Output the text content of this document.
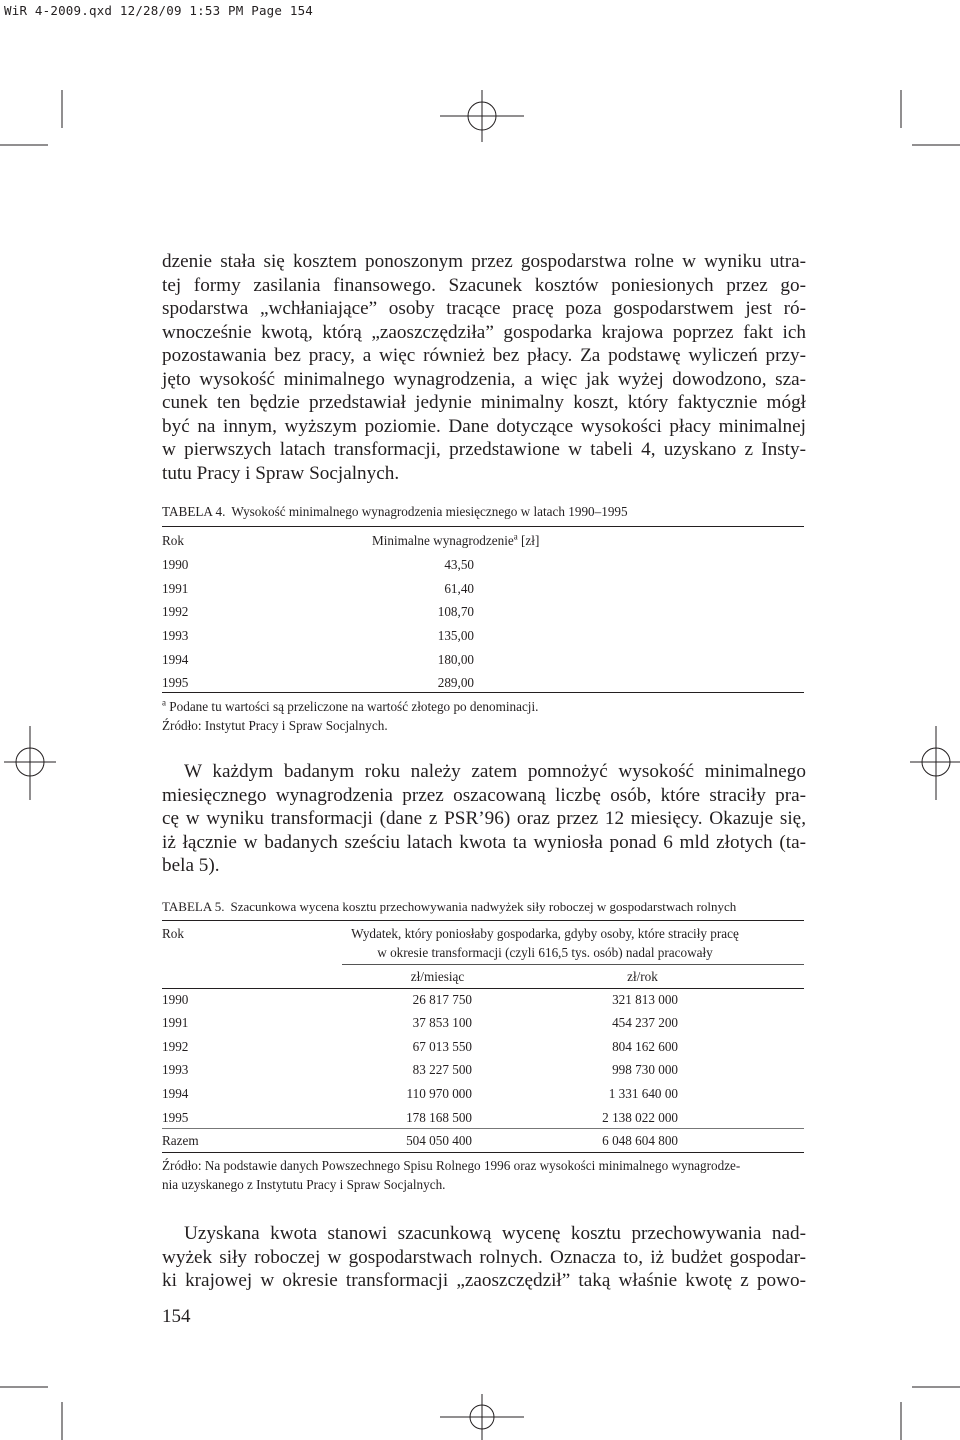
WiR 4-2009.qxd 12/28/09 1:53 PM Page 154
dzenie stała się kosztem ponoszonym przez gospodarstwa rolne w wyniku utra-
tej formy zasilania finansowego. Szacunek kosztów poniesionych przez go-
spodarstwa „wchłaniające” osoby tracące pracę poza gospodarstwem jest ró-
wnocześnie kwotą, którą „zaoszczędziła” gospodarka krajowa poprzez fakt ich
pozostawania bez pracy, a więc również bez płacy. Za podstawę wyliczeń przy-
jęto wysokość minimalnego wynagrodzenia, a więc jak wyżej dowodzono, sza-
cunek ten będzie przedstawiał jedynie minimalny koszt, który faktycznie mógł
być na innym, wyższym poziomie. Dane dotyczące wysokości płacy minimalnej
w pierwszych latach transformacji, przedstawione w tabeli 4, uzyskano z Insty-
tutu Pracy i Spraw Socjalnych.
TABELA 4. Wysokość minimalnego wynagrodzenia miesięcznego w latach 1990–1995
Rok	Minimalne wynagrodzenie$^a$ [zł]
1990	43,50
1991	61,40
1992	108,70
1993	135,00
1994	180,00
1995	289,00
$^a$ Podane tu wartości są przeliczone na wartość złotego po denominacji.
Źródło: Instytut Pracy i Spraw Socjalnych.
W każdym badanym roku należy zatem pomnożyć wysokość minimalnego
miesięcznego wynagrodzenia przez oszacowaną liczbę osób, które straciły pra-
cę w wyniku transformacji (dane z PSR’96) oraz przez 12 miesięcy. Okazuje się,
iż łącznie w badanych sześciu latach kwota ta wyniosła ponad 6 mld złotych (ta-
bela 5).
TABELA 5. Szacunkowa wycena kosztu przechowywania nadwyżek siły roboczej w gospodarstwach rolnych
Rok	Wydatek, który poniosłaby gospodarka, gdyby osoby, które straciły pracę
w okresie transformacji (czyli 616,5 tys. osób) nadal pracowały
zł/miesiąc	zł/rok
1990	26 817 750	321 813 000
1991	37 853 100	454 237 200
1992	67 013 550	804 162 600
1993	83 227 500	998 730 000
1994	110 970 000	1 331 640 00
1995	178 168 500	2 138 022 000
Razem	504 050 400	6 048 604 800
Źródło: Na podstawie danych Powszechnego Spisu Rolnego 1996 oraz wysokości minimalnego wynagrodze-
nia uzyskanego z Instytutu Pracy i Spraw Socjalnych.
Uzyskana kwota stanowi szacunkową wycenę kosztu przechowywania nad-
wyżek siły roboczej w gospodarstwach rolnych. Oznacza to, iż budżet gospodar-
ki krajowej w okresie transformacji „zaoszczędził” taką właśnie kwotę z powo-
154
